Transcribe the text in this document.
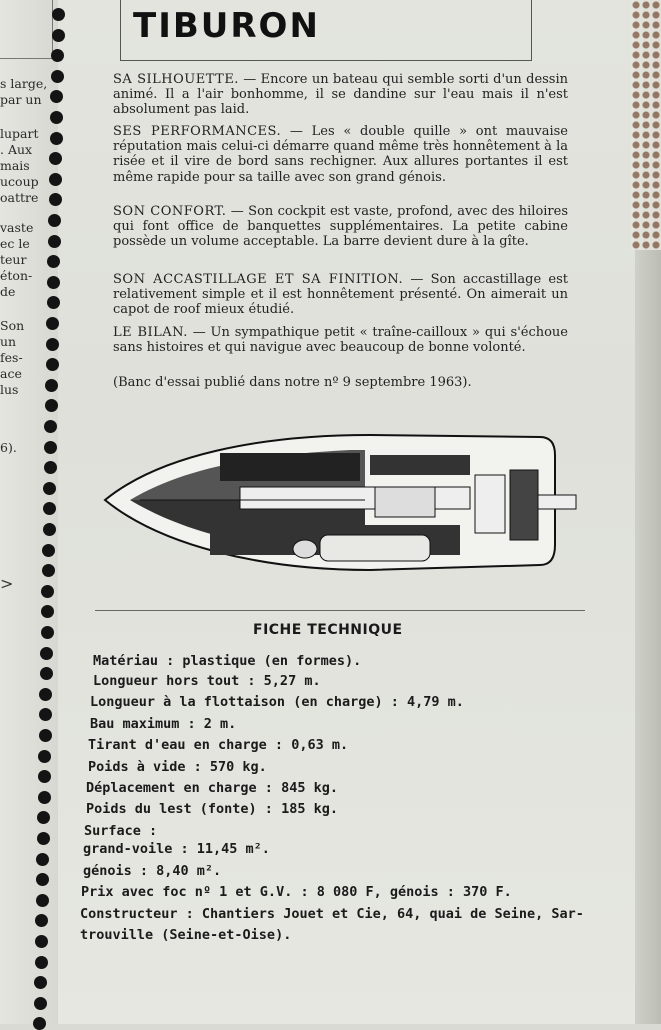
s large,
par un
lupart
. Aux
mais
ucoup
oattre
vaste
ec le
teur
éton-
de
Son
un
fes-
ace
lus
6).
>
TIBURON
SA SILHOUETTE. — Encore un bateau qui semble sorti d'un dessin animé. Il a l'air bonhomme, il se dandine sur l'eau mais il n'est absolument pas laid.
SES PERFORMANCES. — Les « double quille » ont mauvaise réputation mais celui-ci démarre quand même très honnêtement à la risée et il vire de bord sans rechigner. Aux allures portantes il est même rapide pour sa taille avec son grand génois.
SON CONFORT. — Son cockpit est vaste, profond, avec des hiloires qui font office de banquettes supplémentaires. La petite cabine possède un volume acceptable. La barre devient dure à la gîte.
SON ACCASTILLAGE ET SA FINITION. — Son accastillage est relativement simple et il est honnêtement présenté. On aimerait un capot de roof mieux étudié.
LE BILAN. — Un sympathique petit « traîne-cailloux » qui s'échoue sans histoires et qui navigue avec beaucoup de bonne volonté.
(Banc d'essai publié dans notre nº 9 septembre 1963).
FICHE TECHNIQUE
Matériau : plastique (en formes).
Longueur hors tout : 5,27 m.
Longueur à la flottaison (en charge) : 4,79 m.
Bau maximum : 2 m.
Tirant d'eau en charge : 0,63 m.
Poids à vide : 570 kg.
Déplacement en charge : 845 kg.
Poids du lest (fonte) : 185 kg.
Surface :
grand-voile : 11,45 m².
génois : 8,40 m².
Prix avec foc nº 1 et G.V. : 8 080 F, génois : 370 F.
Constructeur : Chantiers Jouet et Cie, 64, quai de Seine, Sar-
trouville (Seine-et-Oise).
